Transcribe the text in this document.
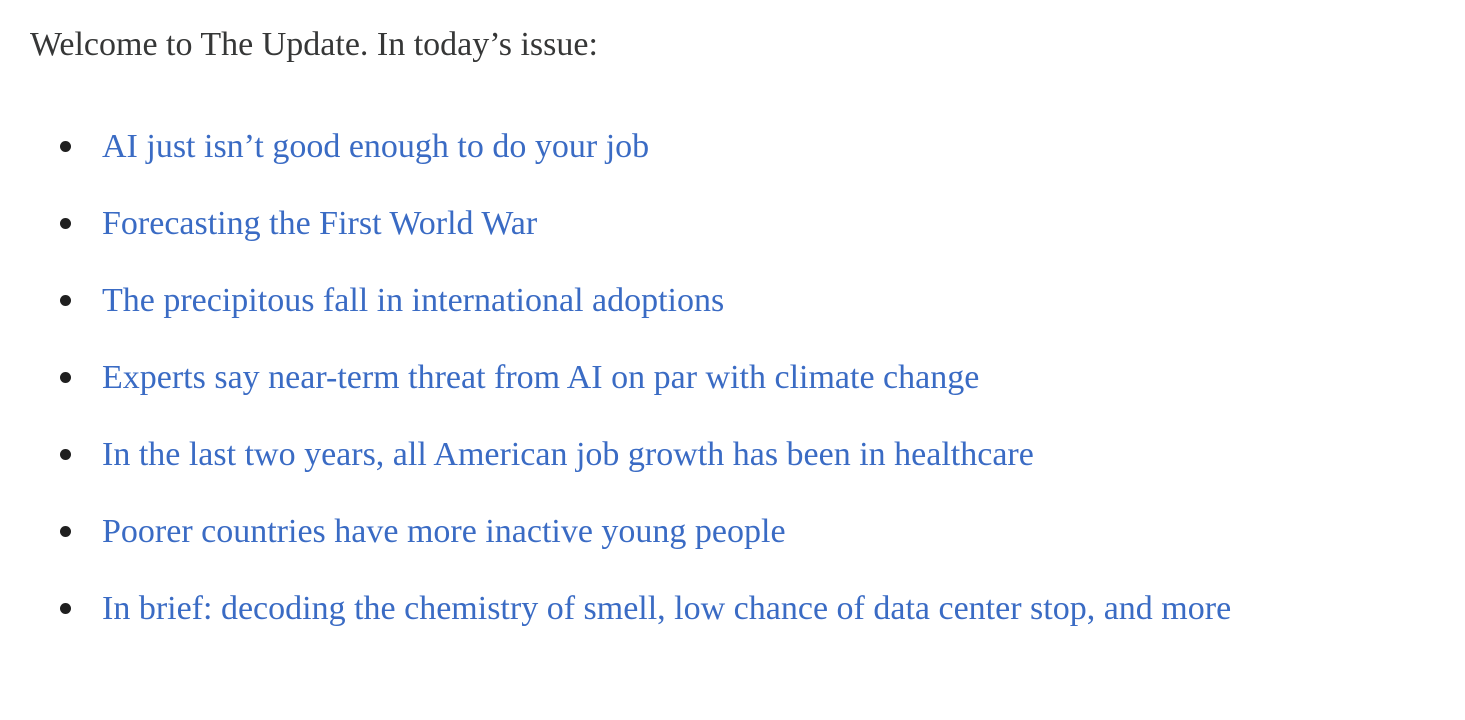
Welcome to The Update. In today’s issue:

AI just isn’t good enough to do your job
Forecasting the First World War
The precipitous fall in international adoptions
Experts say near-term threat from AI on par with climate change
In the last two years, all American job growth has been in healthcare
Poorer countries have more inactive young people
In brief: decoding the chemistry of smell, low chance of data center stop, and more
